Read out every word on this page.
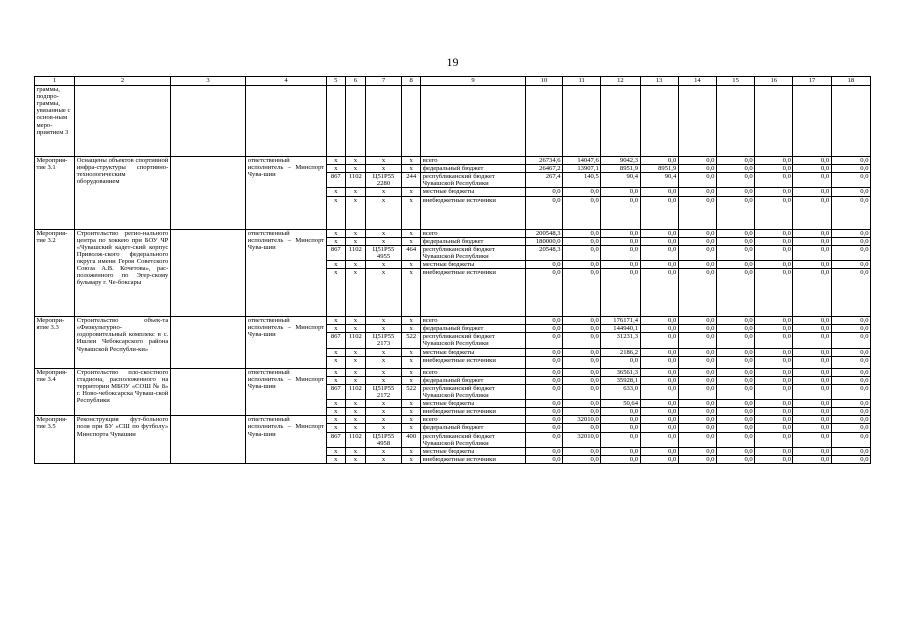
19
1	2	3	4	5	6	7	8	9	10	11	12	13	14	15	16	17	18
граммы, подпро-граммы, увязанные с основ-ным меро-приятием 3																	
Мероприя-тие 3.1	Оснащены объектов спортивной инфра-структуры спортивно-технологическим оборудованием		ответственный исполнитель – Минспорт Чува-шии	x	x	x	x	всего	26734,6	14047,6	9042,3	0,0	0,0	0,0	0,0	0,0	0,0
				x	x	x	x	федеральный бюджет	26467,2	13907,1	8951,9	8951,9	0,0	0,0	0,0	0,0	0,0
				867	1102	Ц51Р55 2280	244	республиканский бюджет Чувашской Республики	267,4	140,5	90,4	90,4	0,0	0,0	0,0	0,0	0,0
				x	x	x	x	местные бюджеты	0,0	0,0	0,0	0,0	0,0	0,0	0,0	0,0	0,0
				x	x	x	x	внебюджетные источники	0,0	0,0	0,0	0,0	0,0	0,0	0,0	0,0	0,0
Мероприя-тие 3.2	Строительство регио-нального центра по хоккею при БОУ ЧР «Чувашский кадет-ский корпус Приволж-ского федерального округа имени Героя Советского Союза А.В. Кочетова», рас-положенного по Эгер-скому бульвару г. Че-боксары		ответственный исполнитель – Минспорт Чува-шии	x	x	x	x	всего	200548,3	0,0	0,0	0,0	0,0	0,0	0,0	0,0	0,0
				x	x	x	x	федеральный бюджет	180000,0	0,0	0,0	0,0	0,0	0,0	0,0	0,0	0,0
				867	1102	Ц51Р55 4955	464	республиканский бюджет Чувашской Республики	20548,3	0,0	0,0	0,0	0,0	0,0	0,0	0,0	0,0
				x	x	x	x	местные бюджеты	0,0	0,0	0,0	0,0	0,0	0,0	0,0	0,0	0,0
				x	x	x	x	внебюджетные источники	0,0	0,0	0,0	0,0	0,0	0,0	0,0	0,0	0,0
Меропри-ятие 3.3	Строительство объек-та «Физкультурно-оздоровительный комплекс в с. Ишлеи Чебоксарского района Чувашской Республи-ки»		ответственный исполнитель – Минспорт Чува-шии	x	x	x	x	всего	0,0	0,0	176171,4	0,0	0,0	0,0	0,0	0,0	0,0
				x	x	x	x	федеральный бюджет	0,0	0,0	144940,1	0,0	0,0	0,0	0,0	0,0	0,0
				867	1102	Ц51Р55 2173	522	республиканский бюджет Чувашской Республики	0,0	0,0	31231,3	0,0	0,0	0,0	0,0	0,0	0,0
				x	x	x	x	местные бюджеты	0,0	0,0	2186,2	0,0	0,0	0,0	0,0	0,0	0,0
				x	x	x	x	внебюджетные источники	0,0	0,0	0,0	0,0	0,0	0,0	0,0	0,0	0,0
Мероприя-тие 3.4	Строительство пло-скостного стадиона, расположенного на территории МБОУ «СОШ № 8» г. Ново-чебоксарска Чуваш-ской Республики		ответственный исполнитель – Минспорт Чува-шии	x	x	x	x	всего	0,0	0,0	36561,3	0,0	0,0	0,0	0,0	0,0	0,0
				x	x	x	x	федеральный бюджет	0,0	0,0	35928,1	0,0	0,0	0,0	0,0	0,0	0,0
				867	1102	Ц51Р55 2172	522	республиканский бюджет Чувашской Республики	0,0	0,0	633,0	0,0	0,0	0,0	0,0	0,0	0,0
				x	x	x	x	местные бюджеты	0,0	0,0	50,64	0,0	0,0	0,0	0,0	0,0	0,0
				x	x	x	x	внебюджетные источники	0,0	0,0	0,0	0,0	0,0	0,0	0,0	0,0	0,0
Мероприя-тие 3.5	Реконструкция фут-больного поля при БУ «СШ по футболу» Минспорта Чувашии		ответственный исполнитель – Минспорт Чува-шии	x	x	x	x	всего	0,0	32010,0	0,0	0,0	0,0	0,0	0,0	0,0	0,0
				x	x	x	x	федеральный бюджет	0,0	0,0	0,0	0,0	0,0	0,0	0,0	0,0	0,0
				867	1102	Ц51Р55 4958	400	республиканский бюджет Чувашской Республики	0,0	32010,0	0,0	0,0	0,0	0,0	0,0	0,0	0,0
				x	x	x	x	местные бюджеты	0,0	0,0	0,0	0,0	0,0	0,0	0,0	0,0	0,0
				x	x	x	x	внебюджетные источники	0,0	0,0	0,0	0,0	0,0	0,0	0,0	0,0	0,0
